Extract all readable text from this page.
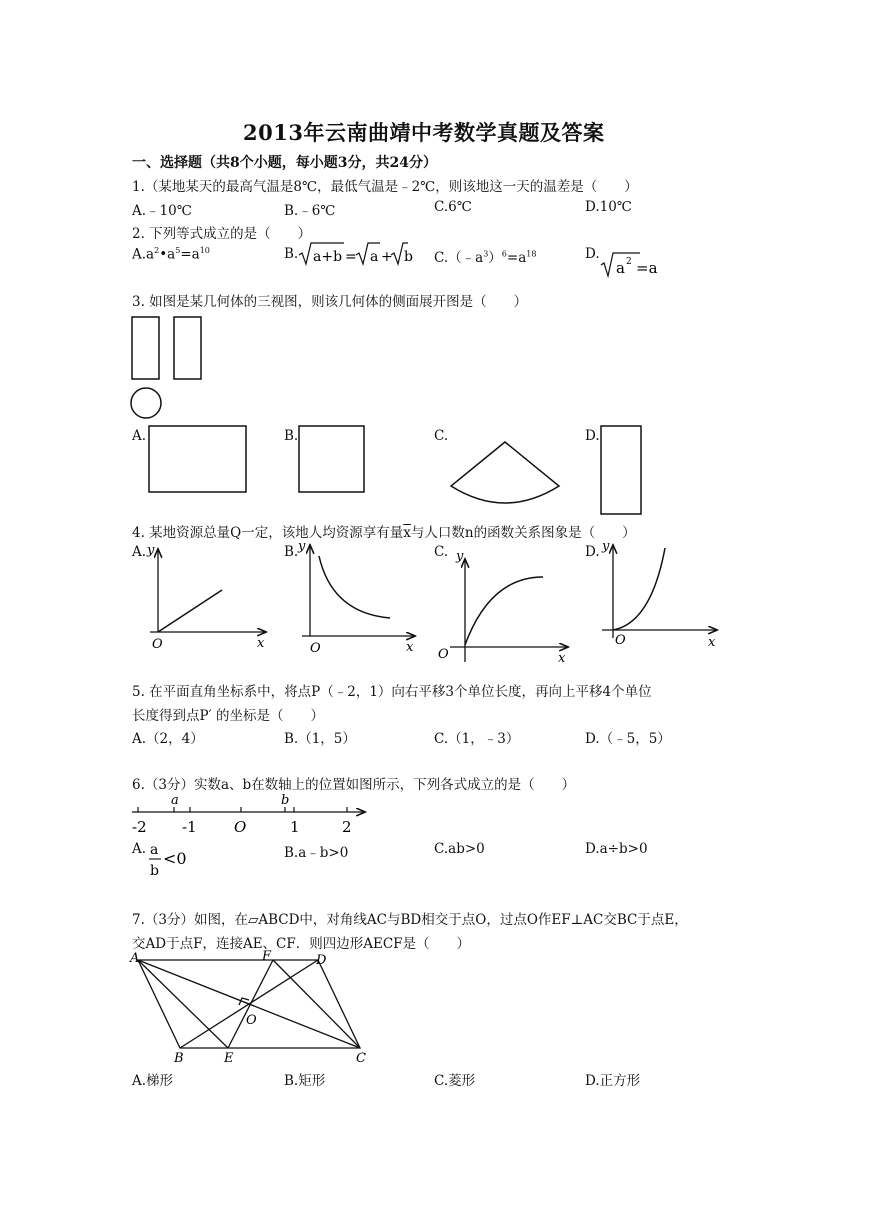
2013年云南曲靖中考数学真题及答案
一、选择题（共8个小题，每小题3分，共24分）
1.（某地某天的最高气温是8℃，最低气温是﹣2℃，则该地这一天的温差是（　　）
A.﹣10℃	B.﹣6℃	C.6℃	D.10℃
2. 下列等式成立的是（　　）
$A.a^2•a^5=a^{10}$	B. a+b = a + b $C.(﹣a^3)^6=a^{18}$	D.
a 2 =a
3. 如图是某几何体的三视图，则该几何体的侧面展开图是（　　）
A.	B.	C.	D.
4. 某地资源总量Q一定，该地人均资源享有量$\overline{x}$与人口数n的函数关系图象是（　　）
A. y
x
O
B. y
x
O
C. y
x
O
D. y
x
O
5. 在平面直角坐标系中，将点P（﹣2，1）向右平移3个单位长度，再向上平移4个单位
长度得到点P′ 的坐标是（　　）
A.（2，4）	B.（1，5）	C.（1，﹣3）	D.（﹣5，5）
6.（3分）实数a、b在数轴上的位置如图所示，下列各式成立的是（　　）
-2 -1 O	1	2
a	b
A. a
b
<0	B.a﹣b>0	C.ab>0	D.a÷b>0
7.（3分）如图，在▱ABCD中，对角线AC与BD相交于点O，过点O作EF⊥AC交BC于点E，
交AD于点F，连接AE、CF．则四边形AECF是（　　）
A	F	D
O
B	E	C
A.梯形	B.矩形	C.菱形	D.正方形
